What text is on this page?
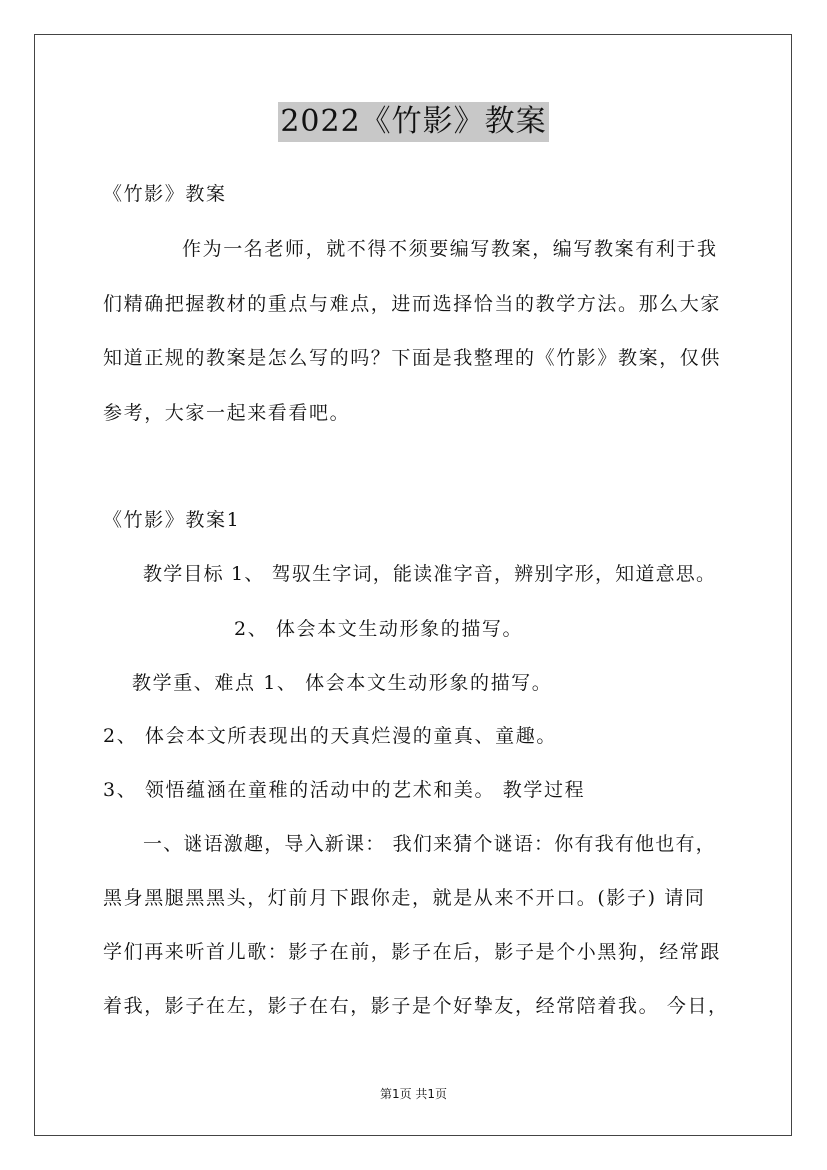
2022《竹影》教案
《竹影》教案
作为一名老师，就不得不须要编写教案，编写教案有利于我
们精确把握教材的重点与难点，进而选择恰当的教学方法。那么大家
知道正规的教案是怎么写的吗？下面是我整理的《竹影》教案，仅供
参考，大家一起来看看吧。
《竹影》教案1
教学目标 1、 驾驭生字词，能读准字音，辨别字形，知道意思。
2、 体会本文生动形象的描写。
教学重、难点 1、 体会本文生动形象的描写。
2、 体会本文所表现出的天真烂漫的童真、童趣。
3、 领悟蕴涵在童稚的活动中的艺术和美。 教学过程
一、谜语激趣，导入新课： 我们来猜个谜语：你有我有他也有，
黑身黑腿黑黑头，灯前月下跟你走，就是从来不开口。(影子) 请同
学们再来听首儿歌：影子在前，影子在后，影子是个小黑狗，经常跟
着我，影子在左，影子在右，影子是个好挚友，经常陪着我。 今日，
第1页 共1页
